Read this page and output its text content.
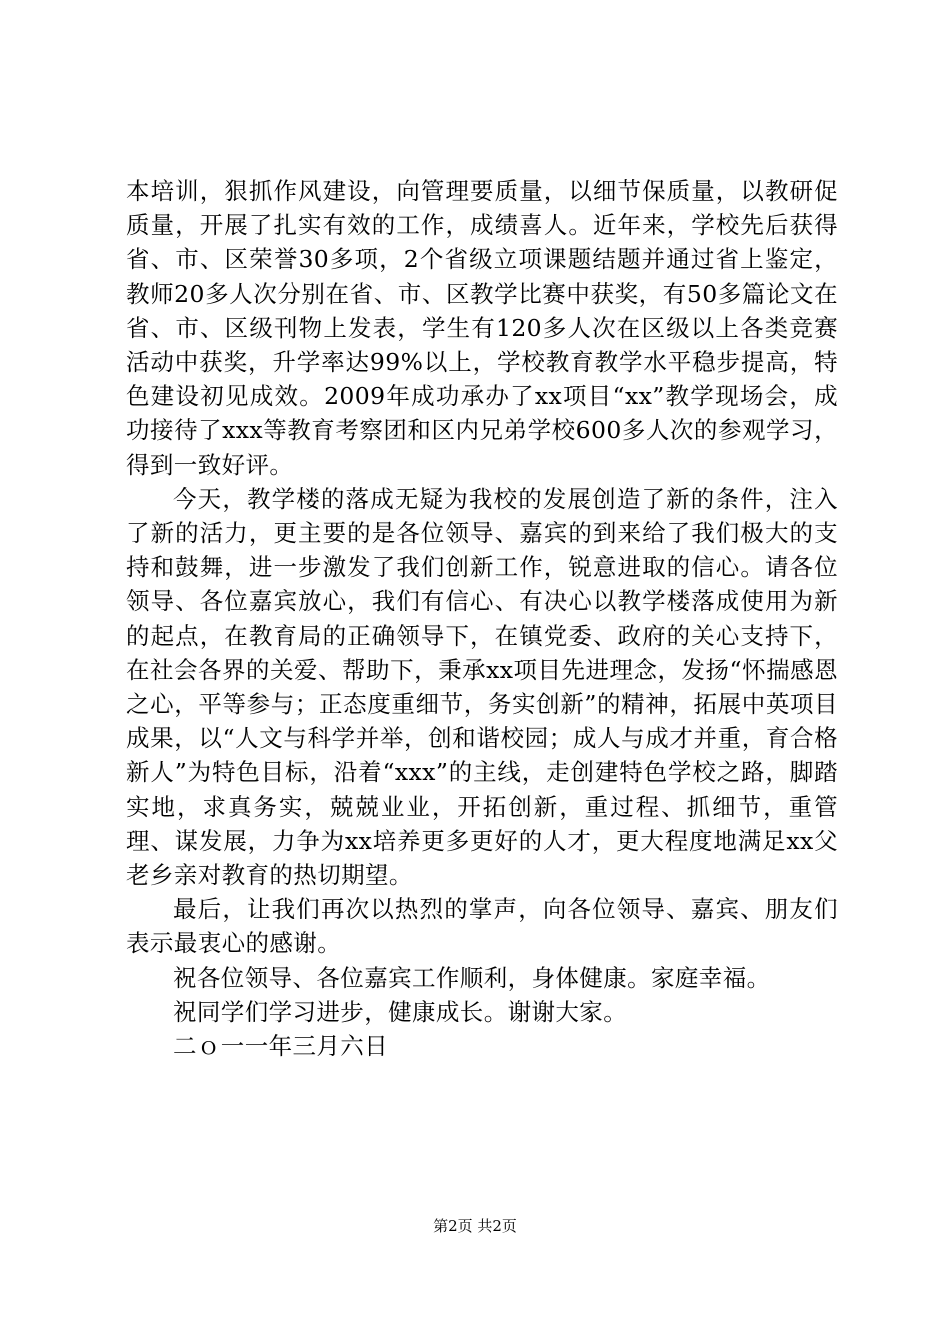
本培训，狠抓作风建设，向管理要质量，以细节保质量，以教研促质量，开展了扎实有效的工作，成绩喜人。近年来，学校先后获得省、市、区荣誉30多项，2个省级立项课题结题并通过省上鉴定，教师20多人次分别在省、市、区教学比赛中获奖，有50多篇论文在省、市、区级刊物上发表，学生有120多人次在区级以上各类竞赛活动中获奖，升学率达99%以上，学校教育教学水平稳步提高，特色建设初见成效。2009年成功承办了xx项目“xx”教学现场会，成功接待了xxx等教育考察团和区内兄弟学校600多人次的参观学习，得到一致好评。

今天，教学楼的落成无疑为我校的发展创造了新的条件，注入了新的活力，更主要的是各位领导、嘉宾的到来给了我们极大的支持和鼓舞，进一步激发了我们创新工作，锐意进取的信心。请各位领导、各位嘉宾放心，我们有信心、有决心以教学楼落成使用为新的起点，在教育局的正确领导下，在镇党委、政府的关心支持下，在社会各界的关爱、帮助下，秉承xx项目先进理念，发扬“怀揣感恩之心，平等参与；正态度重细节，务实创新”的精神，拓展中英项目成果，以“人文与科学并举，创和谐校园；成人与成才并重，育合格新人”为特色目标，沿着“xxx”的主线，走创建特色学校之路，脚踏实地，求真务实，兢兢业业，开拓创新，重过程、抓细节，重管理、谋发展，力争为xx培养更多更好的人才，更大程度地满足xx父老乡亲对教育的热切期望。

最后，让我们再次以热烈的掌声，向各位领导、嘉宾、朋友们表示最衷心的感谢。

祝各位领导、各位嘉宾工作顺利，身体健康。家庭幸福。

祝同学们学习进步，健康成长。谢谢大家。

二ｏ一一年三月六日

第2页 共2页
